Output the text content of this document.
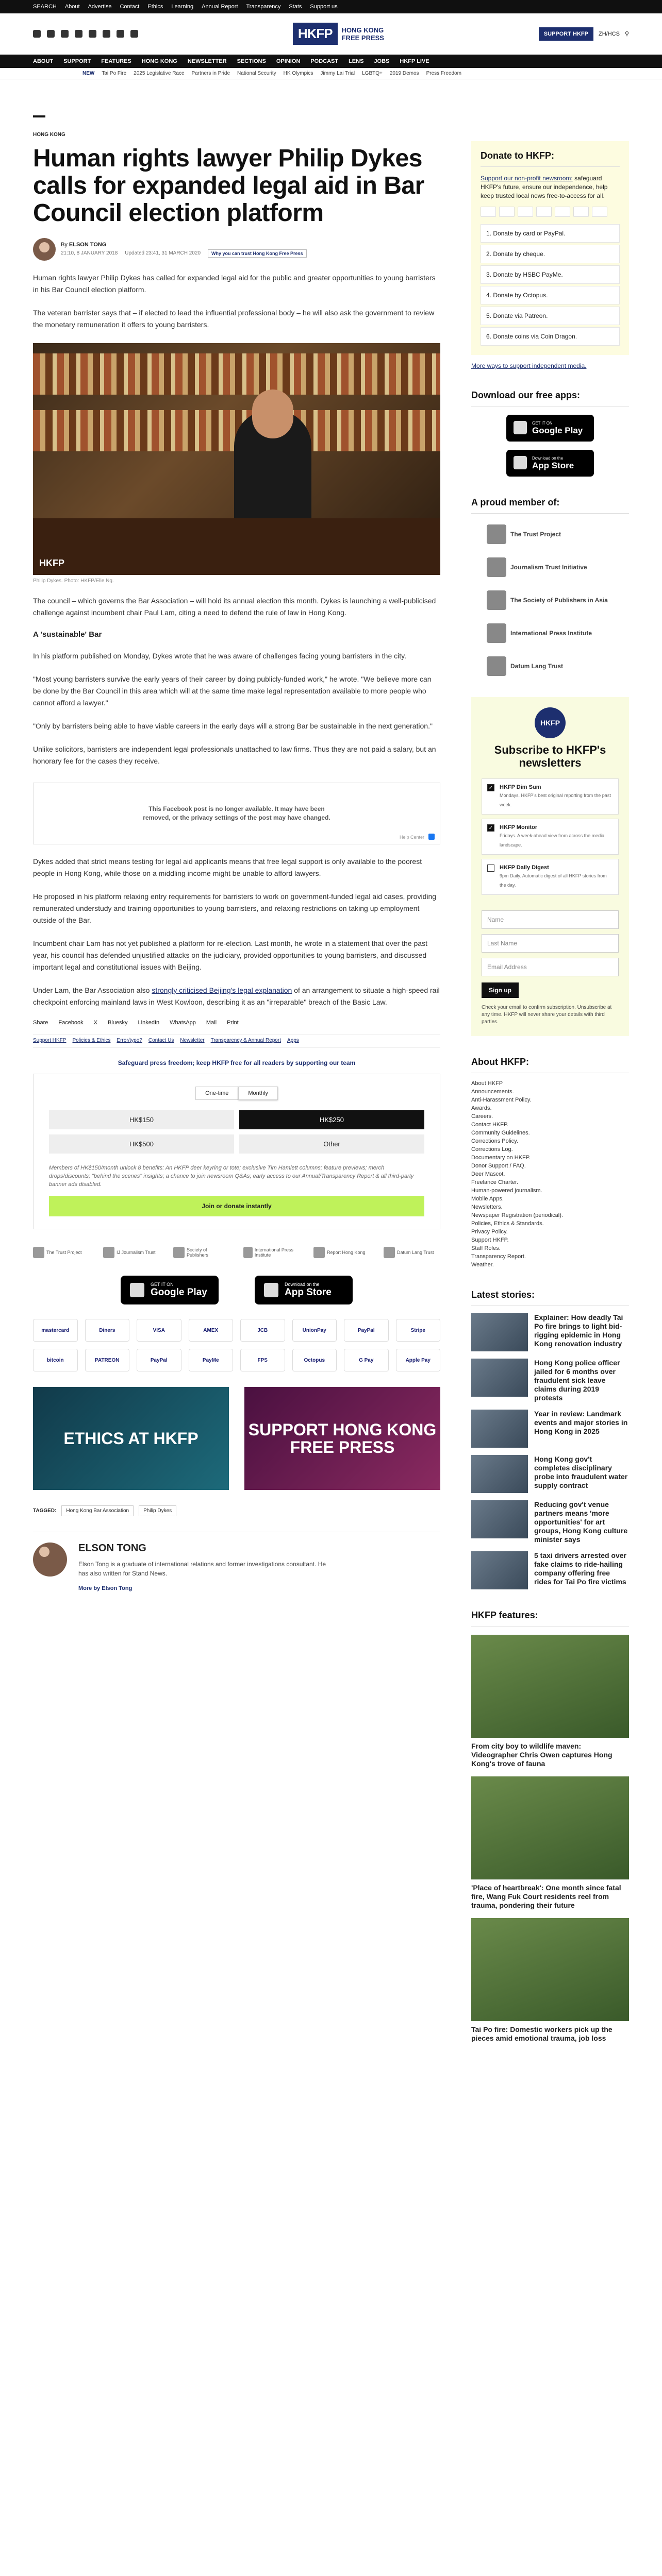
SEARCH About Advertise Contact Ethics Learning Annual Report Transparency Stats Support us
HKFP	HONG KONG
FREE PRESS	SUPPORT HKFP	ZH/HCS ⚲
ABOUT SUPPORT FEATURES HONG KONG NEWSLETTER SECTIONS OPINION PODCAST LENS JOBS HKFP LIVE
NEW Tai Po Fire 2025 Legislative Race Partners in Pride National Security HK Olympics Jimmy Lai Trial LGBTQ+ 2019 Demos Press Freedom
HONG KONG
Human rights lawyer Philip Dykes calls for expanded legal aid in Bar Council election platform
By ELSON TONG
21:10, 8 JANUARY 2018 Updated 23:41, 31 MARCH 2020	Why you can trust Hong Kong Free Press

Human rights lawyer Philip Dykes has called for expanded legal aid for the public and greater opportunities to young barristers in his Bar Council election platform.

The veteran barrister says that – if elected to lead the influential professional body – he will also ask the government to review the monetary remuneration it offers to young barristers.

HKFP
Philip Dykes. Photo: HKFP/Elle Ng.

The council – which governs the Bar Association – will hold its annual election this month. Dykes is launching a well-publicised challenge against incumbent chair Paul Lam, citing a need to defend the rule of law in Hong Kong.

A 'sustainable' Bar

In his platform published on Monday, Dykes wrote that he was aware of challenges facing young barristers in the city.

"Most young barristers survive the early years of their career by doing publicly-funded work," he wrote. "We believe more can be done by the Bar Council in this area which will at the same time make legal representation available to more people who cannot afford a lawyer."

"Only by barristers being able to have viable careers in the early days will a strong Bar be sustainable in the next generation."

Unlike solicitors, barristers are independent legal professionals unattached to law firms. Thus they are not paid a salary, but an honorary fee for the cases they receive.

This Facebook post is no longer available. It may have been removed, or the privacy settings of the post may have changed.
Help Center

Dykes added that strict means testing for legal aid applicants means that free legal support is only available to the poorest people in Hong Kong, while those on a middling income might be unable to afford lawyers.

He proposed in his platform relaxing entry requirements for barristers to work on government-funded legal aid cases, providing remunerated understudy and training opportunities to young barristers, and relaxing restrictions on taking up employment outside of the Bar.

Incumbent chair Lam has not yet published a platform for re-election. Last month, he wrote in a statement that over the past year, his council has defended unjustified attacks on the judiciary, provided opportunities to young barristers, and discussed important legal and constitutional issues with Beijing.

Under Lam, the Bar Association also strongly criticised Beijing's legal explanation of an arrangement to situate a high-speed rail checkpoint enforcing mainland laws in West Kowloon, describing it as an "irreparable" breach of the Basic Law.

Share Facebook X Bluesky LinkedIn WhatsApp Mail Print
Support HKFP Policies & Ethics Error/typo? Contact Us Newsletter Transparency & Annual Report Apps
Safeguard press freedom; keep HKFP free for all readers by supporting our team
One-time	Monthly
HK$150	HK$250
HK$500	Other
Members of HK$150/month unlock 8 benefits: An HKFP deer keyring or tote; exclusive Tim Hamlett columns; feature previews; merch drops/discounts; "behind the scenes" insights; a chance to join newsroom Q&As; early access to our Annual/Transparency Report & all third-party banner ads disabled.
Join or donate instantly
The Trust Project	IJ Journalism Trust	Society of Publishers
International Press Institute	Report Hong Kong	Datum Lang Trust
GET IT ON
Google Play
Download on the
App Store
mastercard	Diners	VISA	AMEX	JCB	UnionPay	PayPal	Stripe
bitcoin	PATREON	PayPal	PayMe	FPS	Octopus	G Pay	Apple Pay
ETHICS AT HKFP	SUPPORT HONG KONG FREE PRESS
TAGGED:	Hong Kong Bar Association	Philip Dykes
ELSON TONG
Elson Tong is a graduate of international relations and former investigations consultant. He has also written for Stand News.
More by Elson Tong
Donate to HKFP:

Support our non-profit newsroom: safeguard HKFP's future, ensure our independence, help keep trusted local news free-to-access for all.

1. Donate by card or PayPal.
2. Donate by cheque.
3. Donate by HSBC PayMe.
4. Donate by Octopus.
5. Donate via Patreon.
6. Donate coins via Coin Dragon.
More ways to support independent media.
Download our free apps:
GET IT ON
Google Play
Download on the
App Store
A proud member of:
The Trust Project
Journalism Trust Initiative
The Society of Publishers in Asia
International Press Institute
Datum Lang Trust
HKFP
Subscribe to HKFP's newsletters
✓ HKFP Dim Sum
Mondays. HKFP's best original reporting from the past week.
✓ HKFP Monitor
Fridays. A week-ahead view from across the media landscape.
HKFP Daily Digest
9pm Daily. Automatic digest of all HKFP stories from the day.
Name
Last Name
Email Address
Sign up
Check your email to confirm subscription. Unsubscribe at any time. HKFP will never share your details with third parties.
About HKFP:
About HKFP
Announcements.
Anti-Harassment Policy.
Awards.
Careers.
Contact HKFP.
Community Guidelines.
Corrections Policy.
Corrections Log.
Documentary on HKFP.
Donor Support / FAQ.
Deer Mascot.
Freelance Charter.
Human-powered journalism.
Mobile Apps.
Newsletters.
Newspaper Registration (periodical).
Policies, Ethics & Standards.
Privacy Policy.
Support HKFP.
Staff Roles.
Transparency Report.
Weather.
Latest stories:
Explainer: How deadly Tai Po fire brings to light bid-rigging epidemic in Hong Kong renovation industry
Hong Kong police officer jailed for 6 months over fraudulent sick leave claims during 2019 protests
Year in review: Landmark events and major stories in Hong Kong in 2025
Hong Kong gov't completes disciplinary probe into fraudulent water supply contract
Reducing gov't venue partners means 'more opportunities' for art groups, Hong Kong culture minister says
5 taxi drivers arrested over fake claims to ride-hailing company offering free rides for Tai Po fire victims
HKFP features:
From city boy to wildlife maven: Videographer Chris Owen captures Hong Kong's trove of fauna
'Place of heartbreak': One month since fatal fire, Wang Fuk Court residents reel from trauma, pondering their future
Tai Po fire: Domestic workers pick up the pieces amid emotional trauma, job loss
